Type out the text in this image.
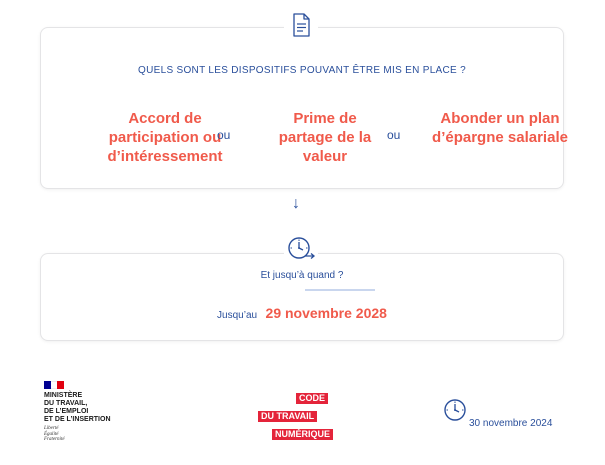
QUELS SONT LES DISPOSITIFS POUVANT ÊTRE MIS EN PLACE ?
Accord de participation ou d’intéressement
ou
Prime de partage de la valeur
ou
Abonder un plan d’épargne salariale
↓
Et jusqu’à quand ?
Jusqu’au 29 novembre 2028
MINISTÈRE
DU TRAVAIL,
DE L’EMPLOI
ET DE L’INSERTION
Liberté
Égalité
Fraternité
CODE
DU TRAVAIL
NUMÉRIQUE
30 novembre 2024
